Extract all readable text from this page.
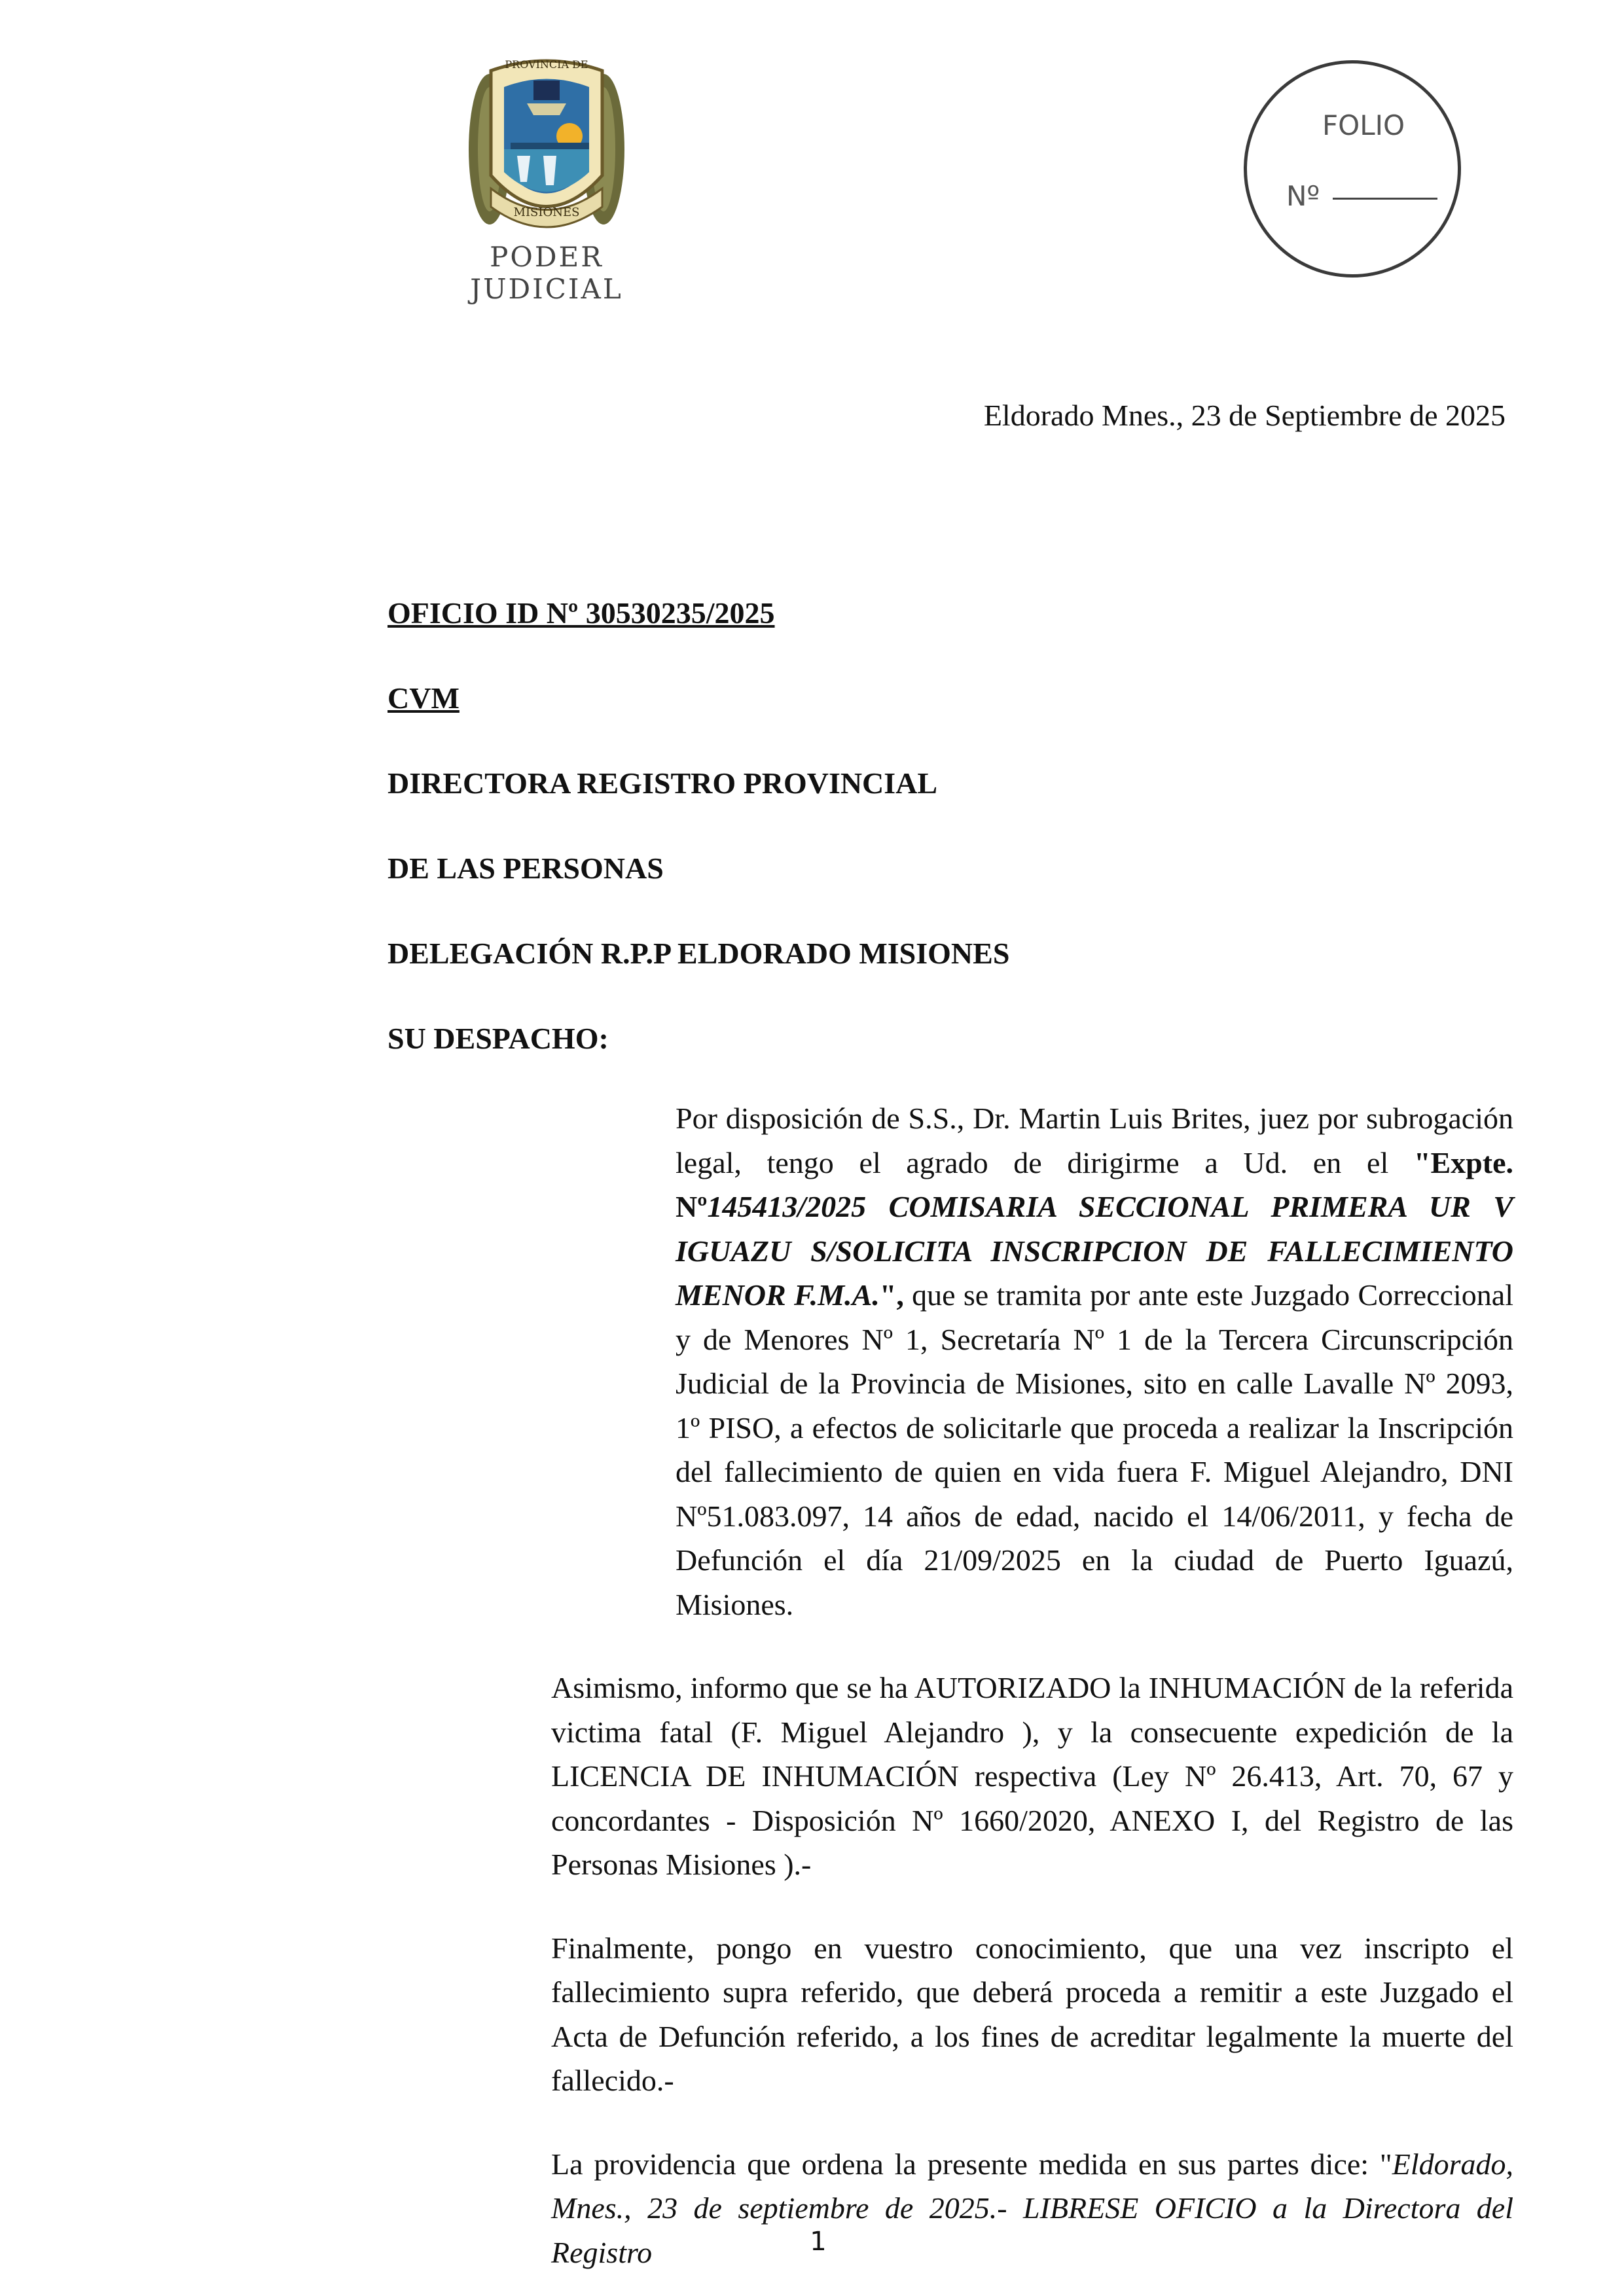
PROVINCIA DE
MISIONES
PODER JUDICIAL
FOLIO
Nº
Eldorado Mnes., 23 de Septiembre de 2025
OFICIO ID Nº 30530235/2025
CVM
DIRECTORA REGISTRO PROVINCIAL
DE LAS PERSONAS
DELEGACIÓN R.P.P ELDORADO MISIONES
SU DESPACHO:

Por disposición de S.S., Dr. Martin Luis Brites, juez por subrogación legal, tengo el agrado de dirigirme a Ud. en el "Expte. Nº145413/2025 COMISARIA SECCIONAL PRIMERA UR V IGUAZU S/SOLICITA INSCRIPCION DE FALLECIMIENTO MENOR F.M.A.", que se tramita por ante este Juzgado Correccional y de Menores Nº 1, Secretaría Nº 1 de la Tercera Circunscripción Judicial de la Provincia de Misiones, sito en calle Lavalle Nº 2093, 1º PISO, a efectos de solicitarle que proceda a realizar la Inscripción del fallecimiento de quien en vida fuera F. Miguel Alejandro, DNI Nº51.083.097, 14 años de edad, nacido el 14/06/2011, y fecha de Defunción el día 21/09/2025 en la ciudad de Puerto Iguazú, Misiones.

Asimismo, informo que se ha AUTORIZADO la INHUMACIÓN de la referida victima fatal (F. Miguel Alejandro ), y la consecuente expedición de la LICENCIA DE INHUMACIÓN respectiva (Ley Nº 26.413, Art. 70, 67 y concordantes - Disposición Nº 1660/2020, ANEXO I, del Registro de las Personas Misiones ).-

Finalmente, pongo en vuestro conocimiento, que una vez inscripto el fallecimiento supra referido, que deberá proceda a remitir a este Juzgado el Acta de Defunción referido, a los fines de acreditar legalmente la muerte del fallecido.-

La providencia que ordena la presente medida en sus partes dice: "Eldorado, Mnes., 23 de septiembre de 2025.- LIBRESE OFICIO a la Directora del Registro	1
